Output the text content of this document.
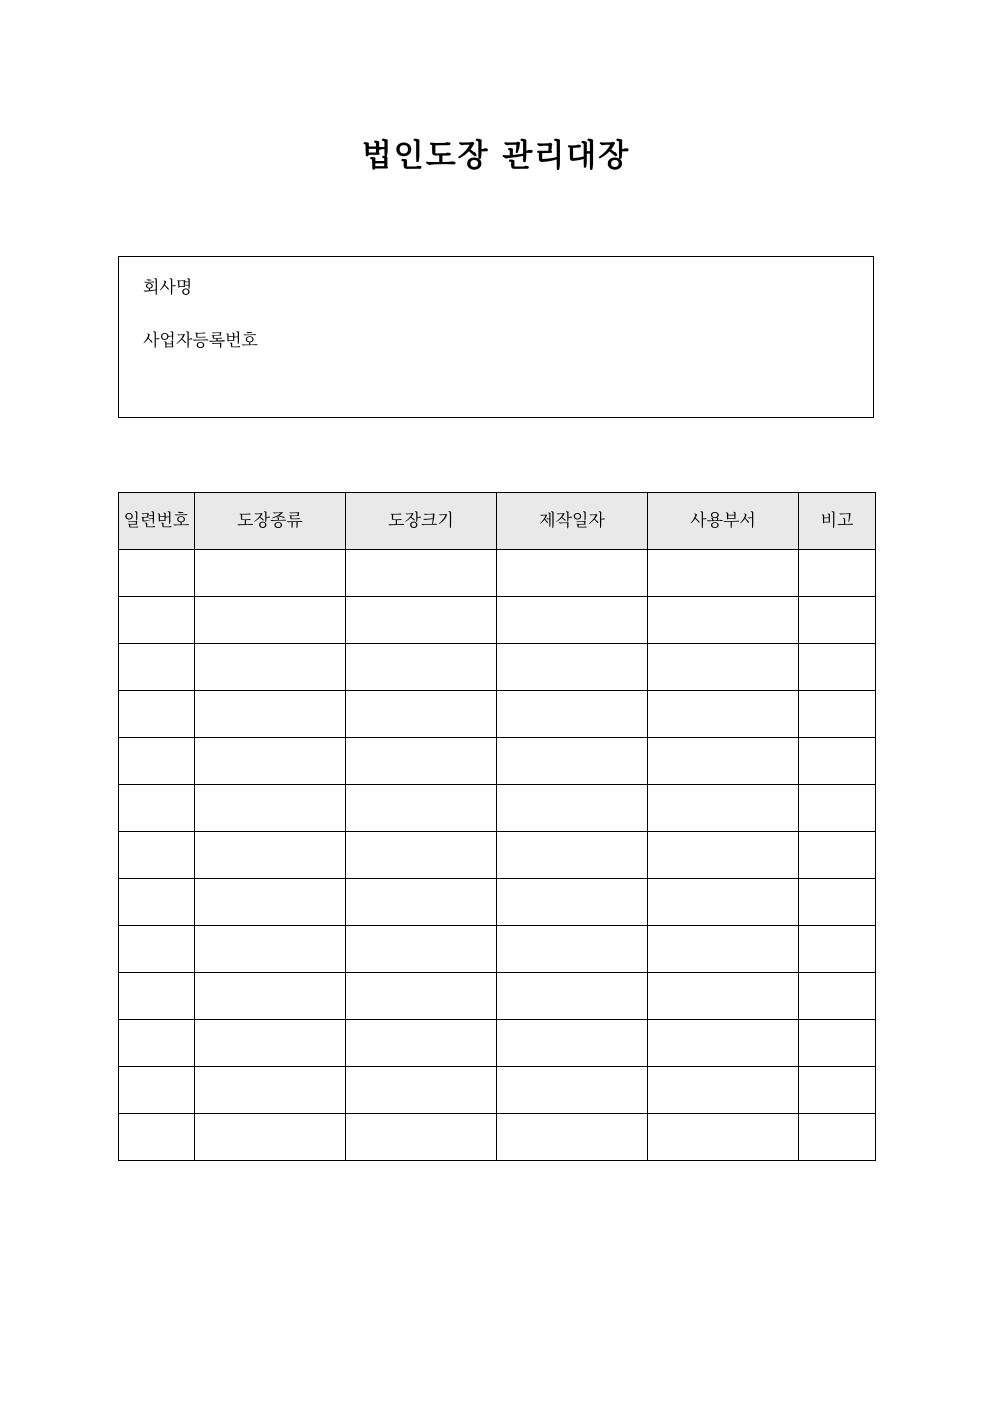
법인도장 관리대장
회사명
사업자등록번호
일련번호	도장종류	도장크기	제작일자	사용부서	비고
